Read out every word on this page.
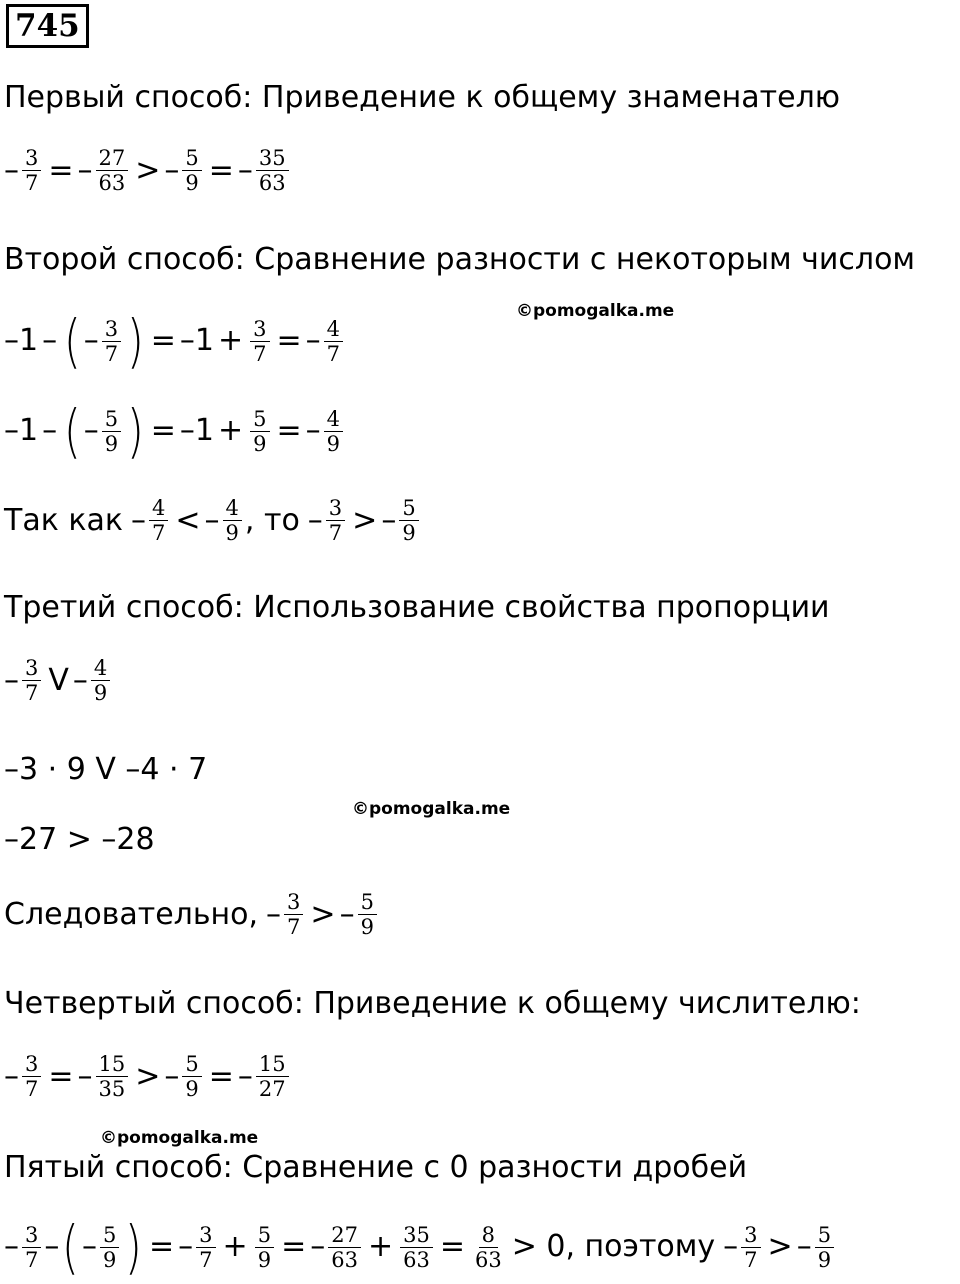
745
Первый способ: Приведение к общему знаменателю
– $\frac{3}{7}$ = – $\frac{27}{63}$ > – $\frac{5}{9}$ = – $\frac{35}{63}$
Второй способ: Сравнение разности с некоторым числом
©pomogalka.me
–1 – ( – $\frac{3}{7}$ ) = $-1 + \frac{3}{7}$ = – $\frac{4}{7}$
–1 – ( – $\frac{5}{9}$ ) = $-1 + \frac{5}{9}$ = – $\frac{4}{9}$
Так как – $\frac{4}{7}$ < – $\frac{4}{9}$ , то – $\frac{3}{7}$ > – $\frac{5}{9}$
Третий способ: Использование свойства пропорции
– $\frac{3}{7}$ V – $\frac{4}{9}$
–3 · 9 V –4 · 7
©pomogalka.me
–27 > –28
Следовательно, – $\frac{3}{7}$ > – $\frac{5}{9}$
Четвертый способ: Приведение к общему числителю:
– $\frac{3}{7}$ = – $\frac{15}{35}$ > – $\frac{5}{9}$ = – $\frac{15}{27}$
©pomogalka.me
Пятый способ: Сравнение с 0 разности дробей
– $\frac{3}{7}$ – ( – $\frac{5}{9}$ ) = – $\frac{3}{7} + \frac{5}{9}$ = – $\frac{27}{63} + \frac{35}{63} = \frac{8}{63} > 0$, поэтому – $\frac{3}{7}$ > – $\frac{5}{9}$
